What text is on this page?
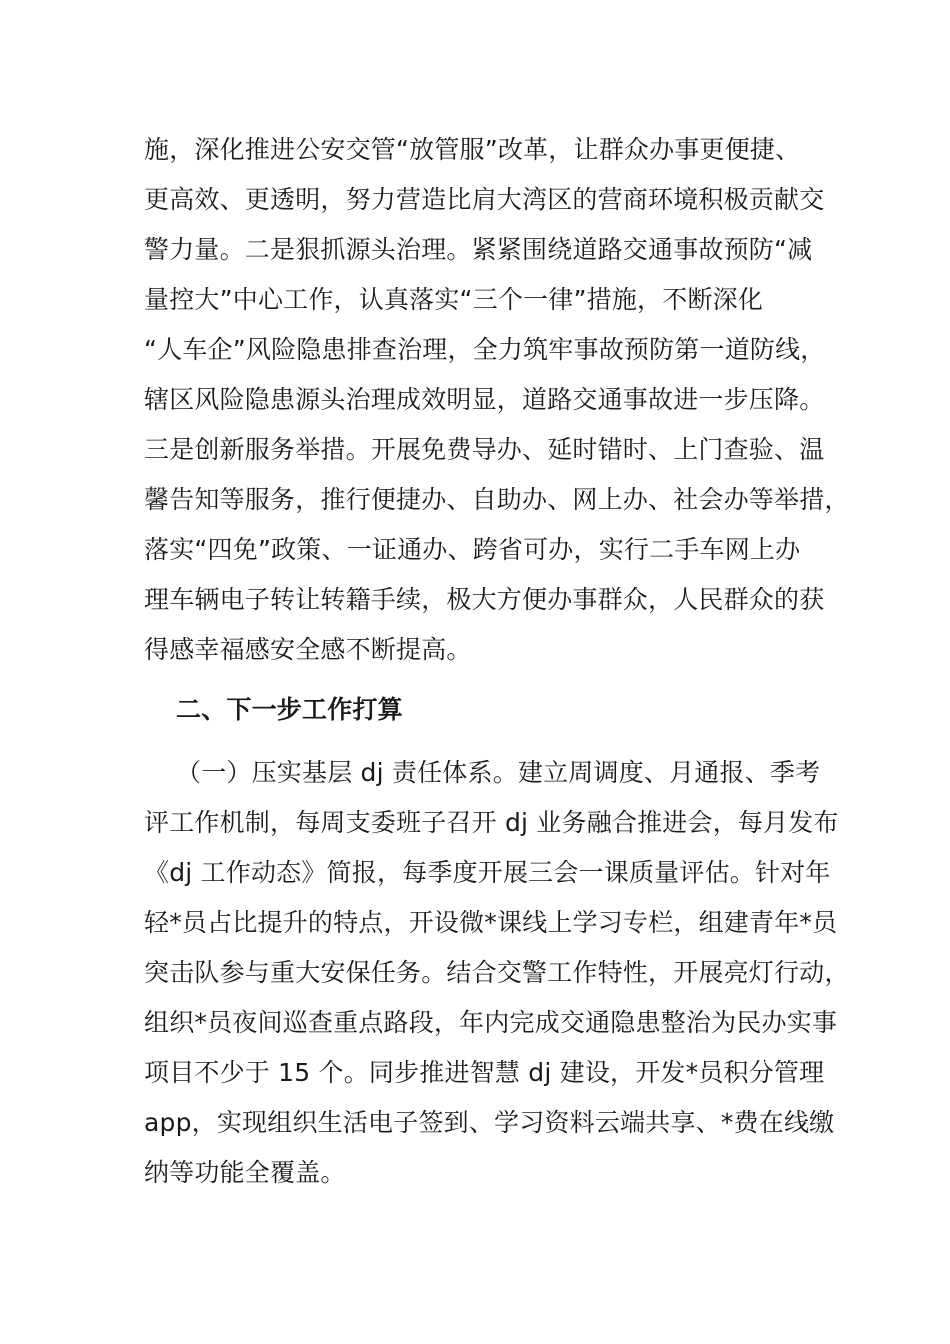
施，深化推进公安交管“放管服”改革，让群众办事更便捷、
更高效、更透明，努力营造比肩大湾区的营商环境积极贡献交
警力量。二是狠抓源头治理。紧紧围绕道路交通事故预防“减
量控大”中心工作，认真落实“三个一律”措施，不断深化
“人车企”风险隐患排查治理，全力筑牢事故预防第一道防线，
辖区风险隐患源头治理成效明显，道路交通事故进一步压降。
三是创新服务举措。开展免费导办、延时错时、上门查验、温
馨告知等服务，推行便捷办、自助办、网上办、社会办等举措，
落实“四免”政策、一证通办、跨省可办，实行二手车网上办
理车辆电子转让转籍手续，极大方便办事群众，人民群众的获
得感幸福感安全感不断提高。
二、下一步工作打算
（一）压实基层 dj 责任体系。建立周调度、月通报、季考
评工作机制，每周支委班子召开 dj 业务融合推进会，每月发布
《dj 工作动态》简报，每季度开展三会一课质量评估。针对年
轻*员占比提升的特点，开设微*课线上学习专栏，组建青年*员
突击队参与重大安保任务。结合交警工作特性，开展亮灯行动，
组织*员夜间巡查重点路段，年内完成交通隐患整治为民办实事
项目不少于 15 个。同步推进智慧 dj 建设，开发*员积分管理
app，实现组织生活电子签到、学习资料云端共享、*费在线缴
纳等功能全覆盖。
